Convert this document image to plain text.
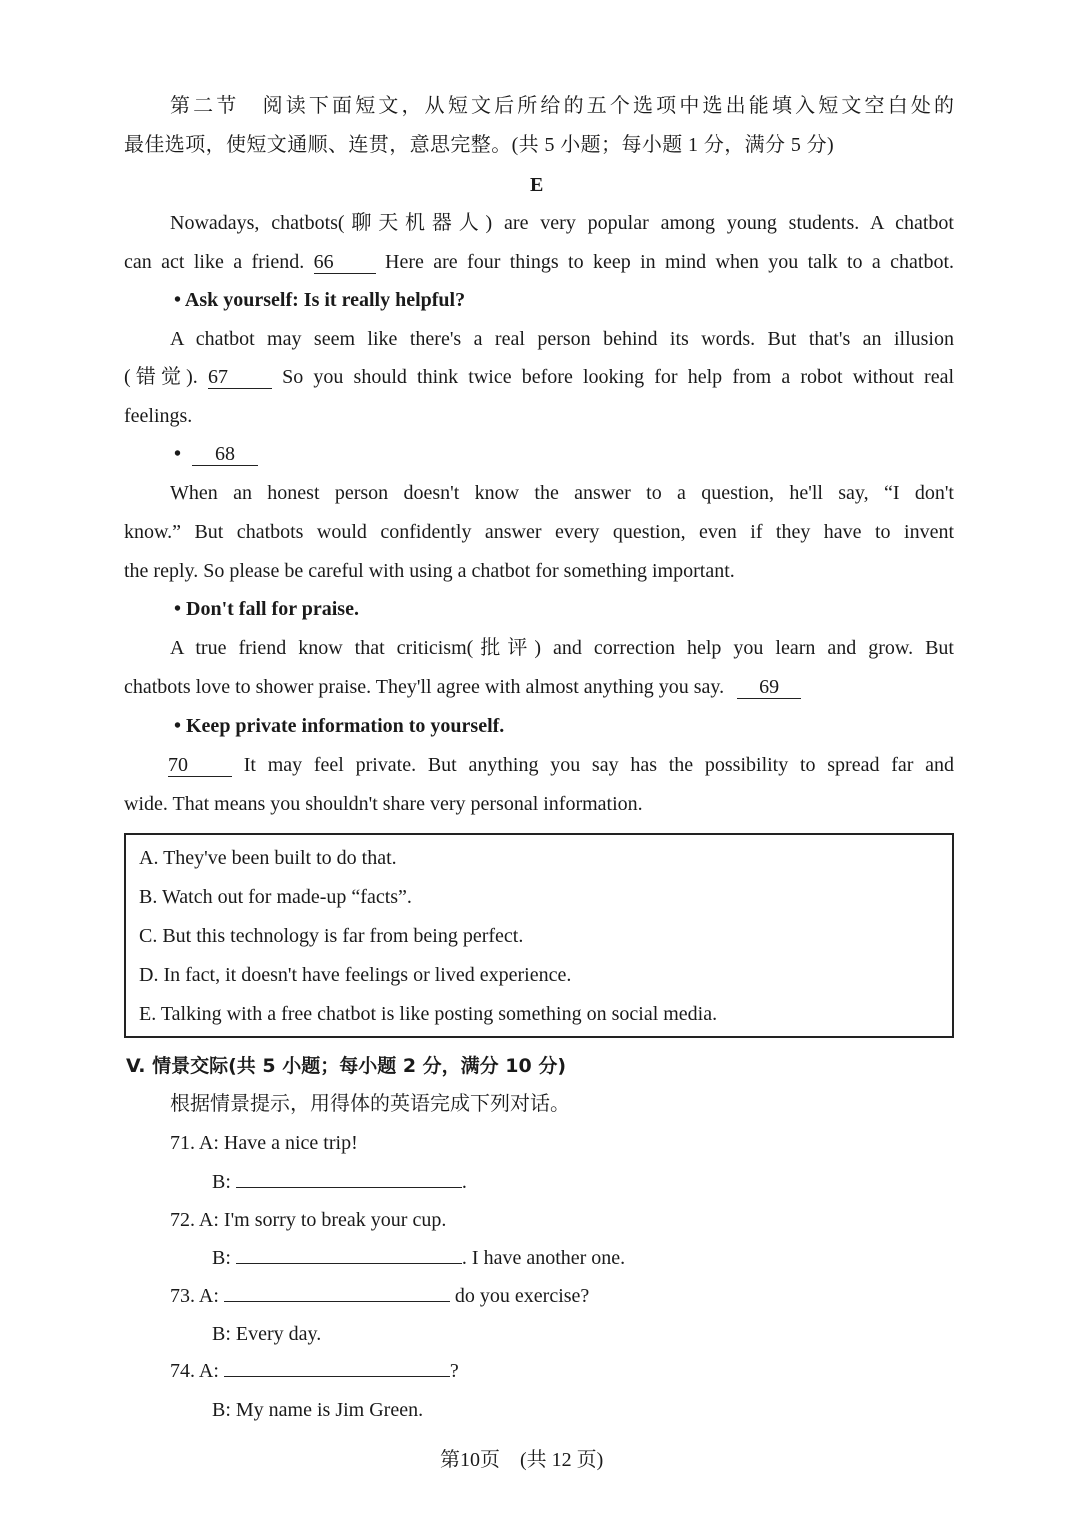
第二节　阅读下面短文，从短文后所给的五个选项中选出能填入短文空白处的
最佳选项，使短文通顺、连贯，意思完整。(共 5 小题；每小题 1 分，满分 5 分)
E
Nowadays, chatbots(聊天机器人) are very popular among young students. A chatbot
can act like a friend. 66	Here are four things to keep in mind when you talk to a chatbot.
• Ask yourself: Is it really helpful?
A chatbot may seem like there's a real person behind its words. But that's an illusion
(错觉). 67	So you should think twice before looking for help from a robot without real
feelings.
• 68
When an honest person doesn't know the answer to a question, he'll say, “I don't
know.” But chatbots would confidently answer every question, even if they have to invent
the reply. So please be careful with using a chatbot for something important.
• Don't fall for praise.
A true friend know that criticism(批评) and correction help you learn and grow. But
chatbots love to shower praise. They'll agree with almost anything you say. 69
• Keep private information to yourself.
70	It may feel private. But anything you say has the possibility to spread far and
wide. That means you shouldn't share very personal information.
A. They've been built to do that.
B. Watch out for made-up “facts”.
C. But this technology is far from being perfect.
D. In fact, it doesn't have feelings or lived experience.
E. Talking with a free chatbot is like posting something on social media.
V. 情景交际(共 5 小题；每小题 2 分，满分 10 分)
根据情景提示，用得体的英语完成下列对话。
71. A: Have a nice trip!
B:	.
72. A: I'm sorry to break your cup.
B:	. I have another one.
73. A:	do you exercise?
B: Every day.
74. A:	?
B: My name is Jim Green.
第10页　(共 12 页)
